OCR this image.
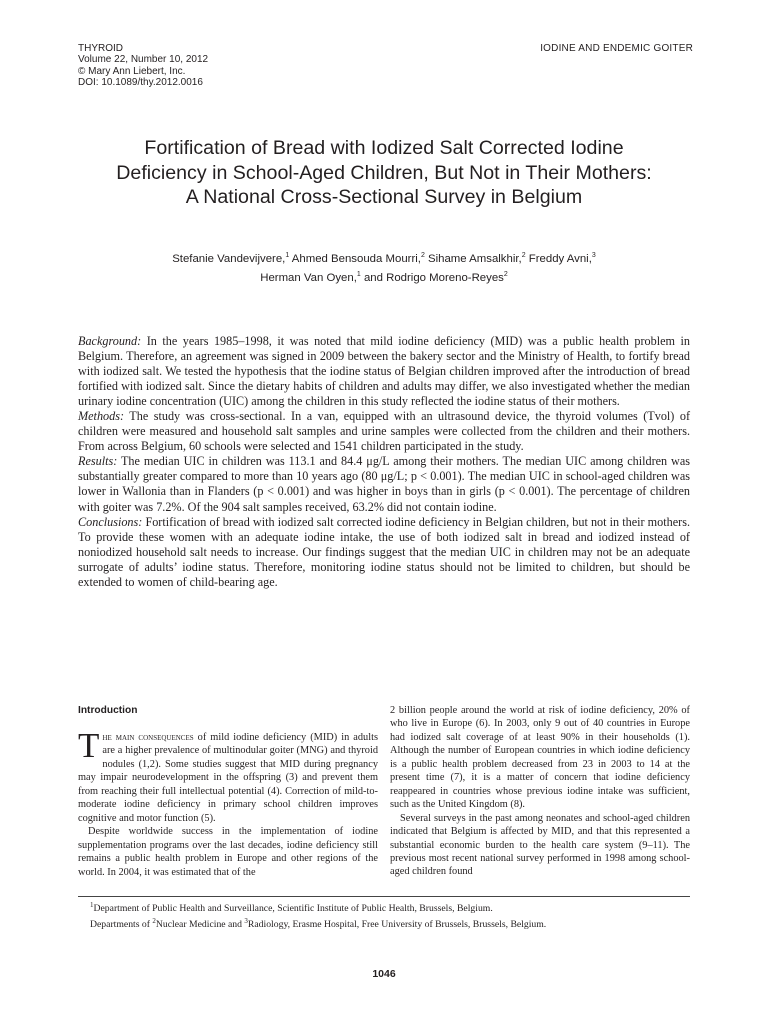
THYROID
Volume 22, Number 10, 2012
© Mary Ann Liebert, Inc.
DOI: 10.1089/thy.2012.0016
IODINE AND ENDEMIC GOITER
Fortification of Bread with Iodized Salt Corrected Iodine
Deficiency in School-Aged Children, But Not in Their Mothers:
A National Cross-Sectional Survey in Belgium
Stefanie Vandevijvere,$^1$ Ahmed Bensouda Mourri,$^2$ Sihame Amsalkhir,$^2$ Freddy Avni,$^3$
Herman Van Oyen,$^1$ and Rodrigo Moreno-Reyes$^2$

Background: In the years 1985–1998, it was noted that mild iodine deficiency (MID) was a public health problem in Belgium. Therefore, an agreement was signed in 2009 between the bakery sector and the Ministry of Health, to fortify bread with iodized salt. We tested the hypothesis that the iodine status of Belgian children improved after the introduction of bread fortified with iodized salt. Since the dietary habits of children and adults may differ, we also investigated whether the median urinary iodine concentration (UIC) among the children in this study reflected the iodine status of their mothers.

Methods: The study was cross-sectional. In a van, equipped with an ultrasound device, the thyroid volumes (Tvol) of children were measured and household salt samples and urine samples were collected from the children and their mothers. From across Belgium, 60 schools were selected and 1541 children participated in the study.

Results: The median UIC in children was 113.1 and 84.4 μg/L among their mothers. The median UIC among children was substantially greater compared to more than 10 years ago (80 μg/L; p < 0.001). The median UIC in school-aged children was lower in Wallonia than in Flanders (p < 0.001) and was higher in boys than in girls (p < 0.001). The percentage of children with goiter was 7.2%. Of the 904 salt samples received, 63.2% did not contain iodine.

Conclusions: Fortification of bread with iodized salt corrected iodine deficiency in Belgian children, but not in their mothers. To provide these women with an adequate iodine intake, the use of both iodized salt in bread and iodized instead of noniodized household salt needs to increase. Our findings suggest that the median UIC in children may not be an adequate surrogate of adults’ iodine status. Therefore, monitoring iodine status should not be limited to children, but should be extended to women of child-bearing age.

Introduction

The main consequences of mild iodine deficiency (MID) in adults are a higher prevalence of multinodular goiter (MNG) and thyroid nodules (1,2). Some studies suggest that MID during pregnancy may impair neurodevelopment in the offspring (3) and prevent them from reaching their full intellectual potential (4). Correction of mild-to-moderate iodine deficiency in primary school children improves cognitive and motor function (5).

Despite worldwide success in the implementation of iodine supplementation programs over the last decades, iodine deficiency still remains a public health problem in Europe and other regions of the world. In 2004, it was estimated that of the

2 billion people around the world at risk of iodine deficiency, 20% of who live in Europe (6). In 2003, only 9 out of 40 countries in Europe had iodized salt coverage of at least 90% in their households (1). Although the number of European countries in which iodine deficiency is a public health problem decreased from 23 in 2003 to 14 at the present time (7), it is a matter of concern that iodine deficiency reappeared in countries whose previous iodine intake was sufficient, such as the United Kingdom (8).

Several surveys in the past among neonates and school-aged children indicated that Belgium is affected by MID, and that this represented a substantial economic burden to the health care system (9–11). The previous most recent national survey performed in 1998 among school-aged children found

$^1$Department of Public Health and Surveillance, Scientific Institute of Public Health, Brussels, Belgium.

Departments of $^2$Nuclear Medicine and $^3$Radiology, Erasme Hospital, Free University of Brussels, Brussels, Belgium.

1046
